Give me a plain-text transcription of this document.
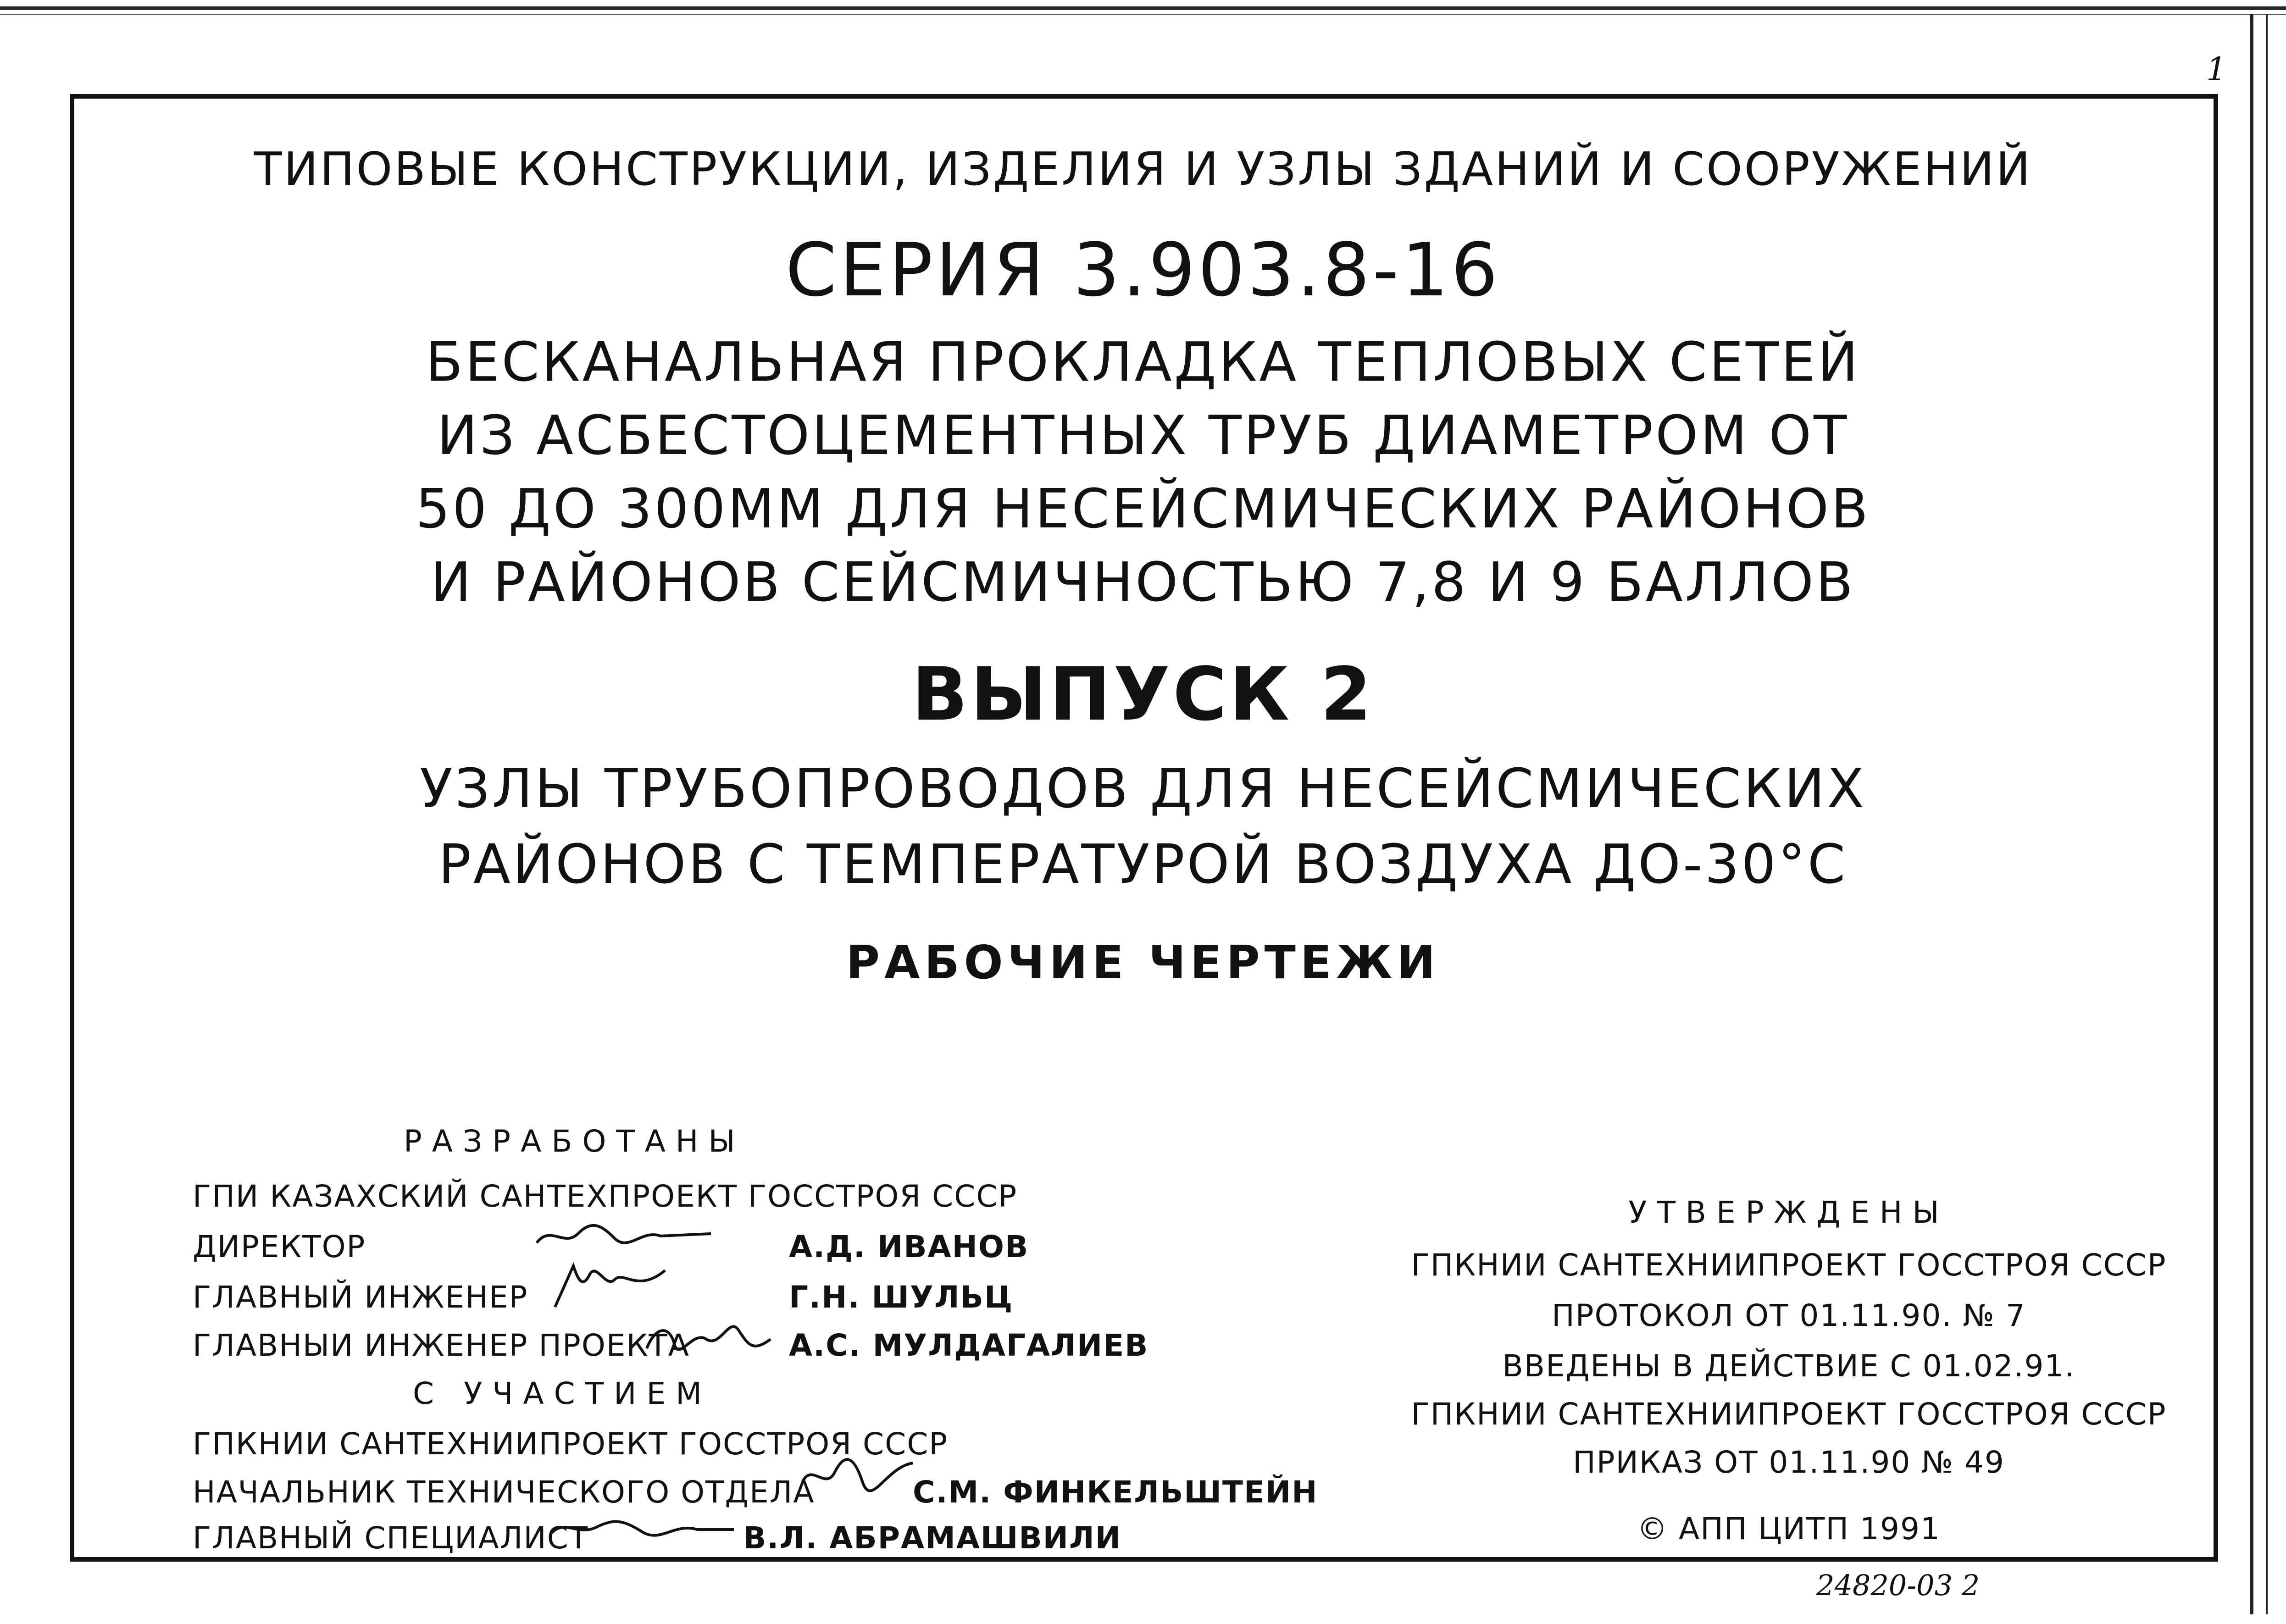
1
ТИПОВЫЕ КОНСТРУКЦИИ, ИЗДЕЛИЯ И УЗЛЫ ЗДАНИЙ И СООРУЖЕНИЙ
СЕРИЯ 3.903.8-16
БЕСКАНАЛЬНАЯ ПРОКЛАДКА ТЕПЛОВЫХ СЕТЕЙ
ИЗ АСБЕСТОЦЕМЕНТНЫХ ТРУБ ДИАМЕТРОМ ОТ
50 ДО 300ММ ДЛЯ НЕСЕЙСМИЧЕСКИХ РАЙОНОВ
И РАЙОНОВ СЕЙСМИЧНОСТЬЮ 7,8 И 9 БАЛЛОВ
ВЫПУСК 2
УЗЛЫ ТРУБОПРОВОДОВ ДЛЯ НЕСЕЙСМИЧЕСКИХ
РАЙОНОВ С ТЕМПЕРАТУРОЙ ВОЗДУХА ДО-30°С
РАБОЧИЕ ЧЕРТЕЖИ
РАЗРАБОТАНЫ
ГПИ КАЗАХСКИЙ САНТЕХПРОЕКТ ГОССТРОЯ СССР
ДИРЕКТОР	А.Д. ИВАНОВ
ГЛАВНЫЙ ИНЖЕНЕР	Г.Н. ШУЛЬЦ
ГЛАВНЫИ ИНЖЕНЕР ПРОЕКТА	А.С. МУЛДАГАЛИЕВ
С УЧАСТИЕМ
ГПКНИИ САНТЕХНИИПРОЕКТ ГОССТРОЯ СССР
НАЧАЛЬНИК ТЕХНИЧЕСКОГО ОТДЕЛА	С.М. ФИНКЕЛЬШТЕЙН
ГЛАВНЫЙ СПЕЦИАЛИСТ	В.Л. АБРАМАШВИЛИ
УТВЕРЖДЕНЫ
ГПКНИИ САНТЕХНИИПРОЕКТ ГОССТРОЯ СССР
ПРОТОКОЛ ОТ 01.11.90. № 7
ВВЕДЕНЫ В ДЕЙСТВИЕ С 01.02.91.
ГПКНИИ САНТЕХНИИПРОЕКТ ГОССТРОЯ СССР
ПРИКАЗ ОТ 01.11.90 № 49
© АПП ЦИТП 1991
24820-03 2
